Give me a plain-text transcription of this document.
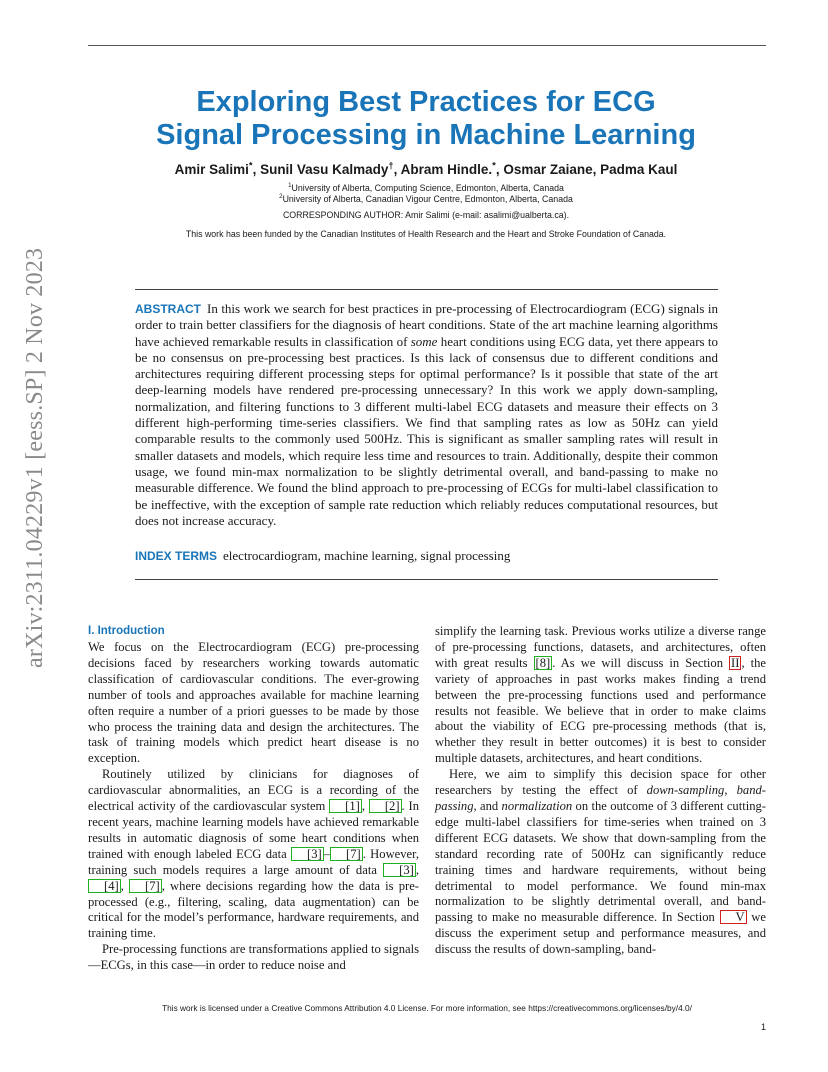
arXiv:2311.04229v1 [eess.SP] 2 Nov 2023
Exploring Best Practices for ECG
Signal Processing in Machine Learning
Amir Salimi*, Sunil Vasu Kalmady†, Abram Hindle.*, Osmar Zaiane, Padma Kaul
$^1$University of Alberta, Computing Science, Edmonton, Alberta, Canada
$^2$University of Alberta, Canadian Vigour Centre, Edmonton, Alberta, Canada
CORRESPONDING AUTHOR: Amir Salimi (e-mail: asalimi@ualberta.ca).
This work has been funded by the Canadian Institutes of Health Research and the Heart and Stroke Foundation of Canada.
ABSTRACT In this work we search for best practices in pre-processing of Electrocardiogram (ECG) signals in order to train better classifiers for the diagnosis of heart conditions. State of the art machine learning algorithms have achieved remarkable results in classification of some heart conditions using ECG data, yet there appears to be no consensus on pre-processing best practices. Is this lack of consensus due to different conditions and architectures requiring different processing steps for optimal performance? Is it possible that state of the art deep-learning models have rendered pre-processing unnecessary? In this work we apply down-sampling, normalization, and filtering functions to 3 different multi-label ECG datasets and measure their effects on 3 different high-performing time-series classifiers. We find that sampling rates as low as 50Hz can yield comparable results to the commonly used 500Hz. This is significant as smaller sampling rates will result in smaller datasets and models, which require less time and resources to train. Additionally, despite their common usage, we found min-max normalization to be slightly detrimental overall, and band-passing to make no measurable difference. We found the blind approach to pre-processing of ECGs for multi-label classification to be ineffective, with the exception of sample rate reduction which reliably reduces computational resources, but does not increase accuracy.
INDEX TERMS electrocardiogram, machine learning, signal processing
I. Introduction

We focus on the Electrocardiogram (ECG) pre-processing decisions faced by researchers working towards automatic classification of cardiovascular conditions. The ever-growing number of tools and approaches available for machine learning often require a number of a priori guesses to be made by those who process the training data and design the architectures. The task of training models which predict heart disease is no exception.

Routinely utilized by clinicians for diagnoses of cardiovascular abnormalities, an ECG is a recording of the electrical activity of the cardiovascular system [1] , [2] . In recent years, machine learning models have achieved remarkable results in automatic diagnosis of some heart conditions when trained with enough labeled ECG data [3] – [7] . However, training such models requires a large amount of data [3] , [4] , [7] , where decisions regarding how the data is pre-processed (e.g., filtering, scaling, data augmentation) can be critical for the model’s performance, hardware requirements, and training time.

Pre-processing functions are transformations applied to signals—ECGs, in this case—in order to reduce noise and

simplify the learning task. Previous works utilize a diverse range of pre-processing functions, datasets, and architectures, often with great results [8] . As we will discuss in Section II , the variety of approaches in past works makes finding a trend between the pre-processing functions used and performance results not feasible. We believe that in order to make claims about the viability of ECG pre-processing methods (that is, whether they result in better outcomes) it is best to consider multiple datasets, architectures, and heart conditions.

Here, we aim to simplify this decision space for other researchers by testing the effect of down-sampling, band-passing, and normalization on the outcome of 3 different cutting-edge multi-label classifiers for time-series when trained on 3 different ECG datasets. We show that down-sampling from the standard recording rate of 500Hz can significantly reduce training times and hardware requirements, without being detrimental to model performance. We found min-max normalization to be slightly detrimental overall, and band-passing to make no measurable difference. In Section V we discuss the experiment setup and performance measures, and discuss the results of down-sampling, band-

This work is licensed under a Creative Commons Attribution 4.0 License. For more information, see https://creativecommons.org/licenses/by/4.0/
1
